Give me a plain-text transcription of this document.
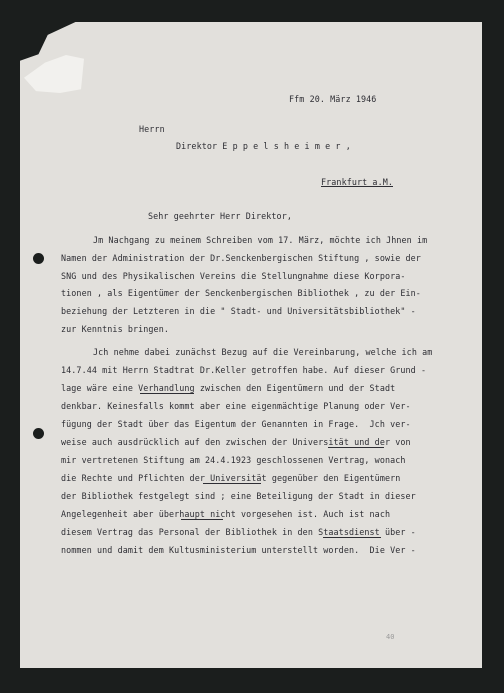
Ffm 20. März 1946
Herrn
Direktor E p p e l s h e i m e r ,
Frankfurt a.M.
Sehr geehrter Herr Direktor,
Jm Nachgang zu meinem Schreiben vom 17. März, möchte ich Jhnen im
Namen der Administration der Dr.Senckenbergischen Stiftung , sowie der
SNG und des Physikalischen Vereins die Stellungnahme diese Korpora-
tionen , als Eigentümer der Senckenbergischen Bibliothek , zu der Ein-
beziehung der Letzteren in die " Stadt- und Universitätsbibliothek" -
zur Kenntnis bringen.
Jch nehme dabei zunächst Bezug auf die Vereinbarung, welche ich am
14.7.44 mit Herrn Stadtrat Dr.Keller getroffen habe. Auf dieser Grund -
lage wäre eine Verhandlung zwischen den Eigentümern und der Stadt
denkbar. Keinesfalls kommt aber eine eigenmächtige Planung oder Ver-
fügung der Stadt über das Eigentum der Genannten in Frage.  Jch ver-
weise auch ausdrücklich auf den zwischen der Universität und der von
mir vertretenen Stiftung am 24.4.1923 geschlossenen Vertrag, wonach
die Rechte und Pflichten der Universität gegenüber den Eigentümern
der Bibliothek festgelegt sind ; eine Beteiligung der Stadt in dieser
Angelegenheit aber überhaupt nicht vorgesehen ist. Auch ist nach
diesem Vertrag das Personal der Bibliothek in den Staatsdienst über -
nommen und damit dem Kultusministerium unterstellt worden.  Die Ver -
40
